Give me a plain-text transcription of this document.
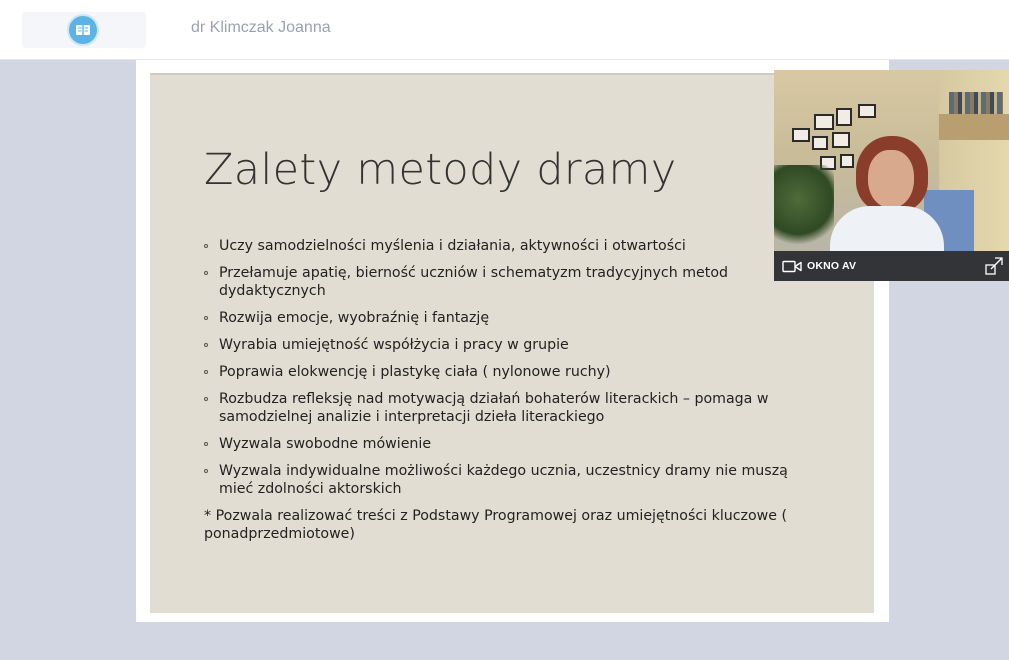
dr Klimczak Joanna
Zalety metody dramy
Uczy samodzielności myślenia i działania, aktywności i otwartości
Przełamuje apatię, bierność uczniów i schematyzm tradycyjnych metod dydaktycznych
Rozwija emocje, wyobraźnię i fantazję
Wyrabia umiejętność współżycia i pracy w grupie
Poprawia elokwencję i plastykę ciała ( nylonowe ruchy)
Rozbudza refleksję nad motywacją działań bohaterów literackich – pomaga w samodzielnej analizie i interpretacji dzieła literackiego
Wyzwala swobodne mówienie
Wyzwala indywidualne możliwości każdego ucznia, uczestnicy dramy nie muszą mieć zdolności aktorskich
* Pozwala realizować treści z Podstawy Programowej oraz umiejętności kluczowe ( ponadprzedmiotowe)
OKNO AV
